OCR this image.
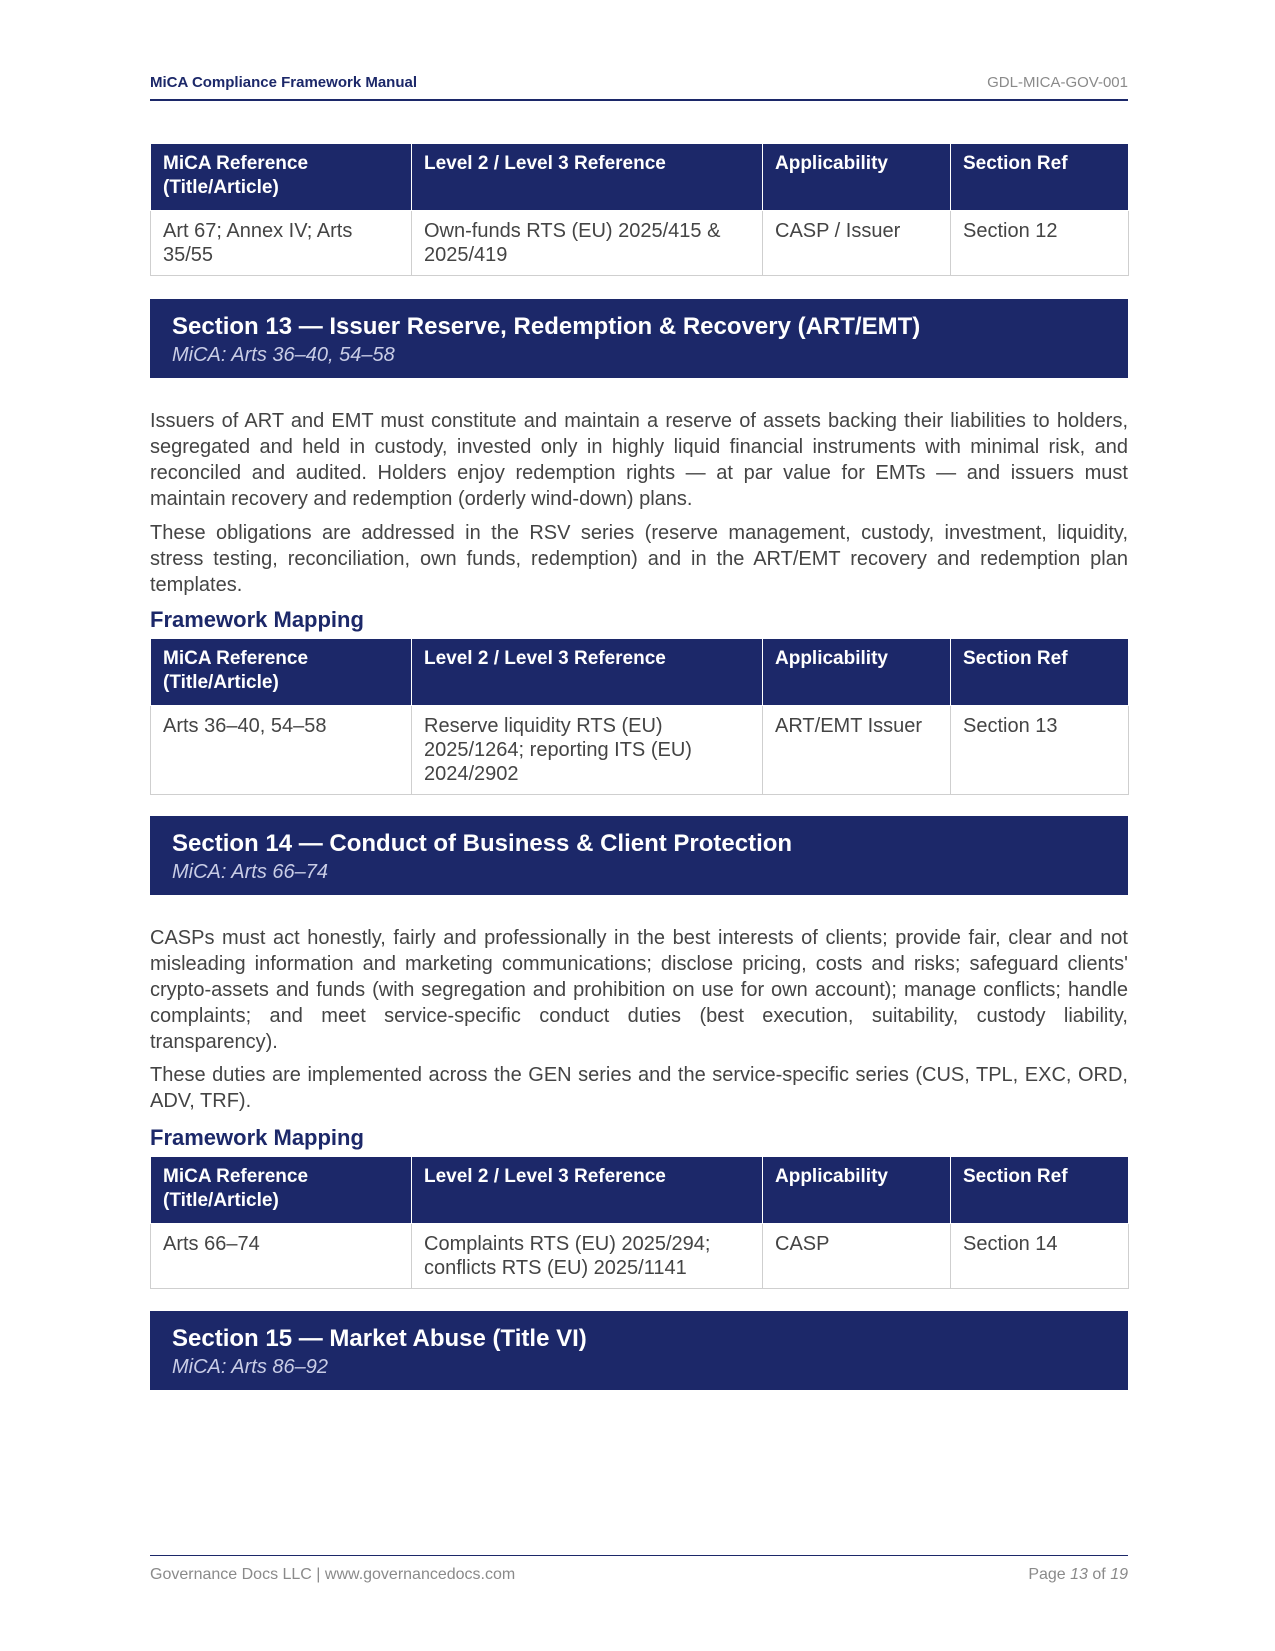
MiCA Compliance Framework Manual	GDL-MICA-GOV-001
MiCA Reference (Title/Article)	Level 2 / Level 3 Reference	Applicability	Section Ref
Art 67; Annex IV; Arts 35/55	Own-funds RTS (EU) 2025/415 & 2025/419	CASP / Issuer	Section 12
Section 13 — Issuer Reserve, Redemption & Recovery (ART/EMT)
MiCA: Arts 36–40, 54–58

Issuers of ART and EMT must constitute and maintain a reserve of assets backing their liabilities to holders, segregated and held in custody, invested only in highly liquid financial instruments with minimal risk, and reconciled and audited. Holders enjoy redemption rights — at par value for EMTs — and issuers must maintain recovery and redemption (orderly wind-down) plans.

These obligations are addressed in the RSV series (reserve management, custody, investment, liquidity, stress testing, reconciliation, own funds, redemption) and in the ART/EMT recovery and redemption plan templates.

Framework Mapping
MiCA Reference (Title/Article)	Level 2 / Level 3 Reference	Applicability	Section Ref
Arts 36–40, 54–58	Reserve liquidity RTS (EU) 2025/1264; reporting ITS (EU) 2024/2902	ART/EMT Issuer	Section 13
Section 14 — Conduct of Business & Client Protection
MiCA: Arts 66–74

CASPs must act honestly, fairly and professionally in the best interests of clients; provide fair, clear and not misleading information and marketing communications; disclose pricing, costs and risks; safeguard clients' crypto-assets and funds (with segregation and prohibition on use for own account); manage conflicts; handle complaints; and meet service-specific conduct duties (best execution, suitability, custody liability, transparency).

These duties are implemented across the GEN series and the service-specific series (CUS, TPL, EXC, ORD, ADV, TRF).

Framework Mapping
MiCA Reference (Title/Article)	Level 2 / Level 3 Reference	Applicability	Section Ref
Arts 66–74	Complaints RTS (EU) 2025/294; conflicts RTS (EU) 2025/1141	CASP	Section 14
Section 15 — Market Abuse (Title VI)
MiCA: Arts 86–92
Governance Docs LLC | www.governancedocs.com	Page 13 of 19
